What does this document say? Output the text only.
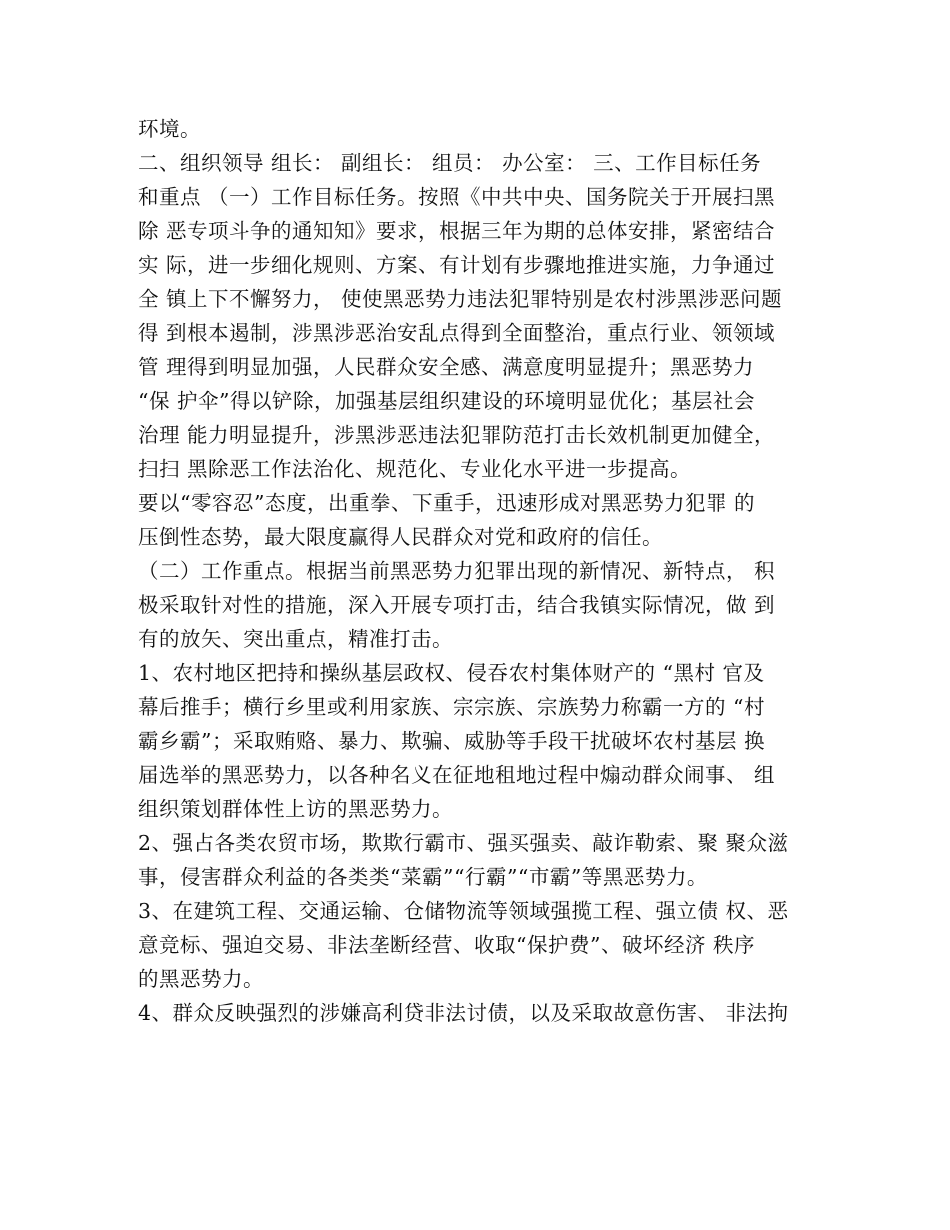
环境。
二、组织领导 组长： 副组长： 组员： 办公室： 三、工作目标任务
和重点 （一）工作目标任务。按照《中共中央、国务院关于开展扫黑
除 恶专项斗争的通知知》要求，根据三年为期的总体安排，紧密结合
实 际，进一步细化规则、方案、有计划有步骤地推进实施，力争通过
全 镇上下不懈努力， 使使黑恶势力违法犯罪特别是农村涉黑涉恶问题
得 到根本遏制，涉黑涉恶治安乱点得到全面整治，重点行业、领领域
管 理得到明显加强，人民群众安全感、满意度明显提升；黑恶势力
“保 护伞”得以铲除，加强基层组织建设的环境明显优化；基层社会
治理 能力明显提升，涉黑涉恶违法犯罪防范打击长效机制更加健全，
扫扫 黑除恶工作法治化、规范化、专业化水平进一步提高。
要以“零容忍”态度，出重拳、下重手，迅速形成对黑恶势力犯罪 的
压倒性态势，最大限度赢得人民群众对党和政府的信任。
（二）工作重点。根据当前黑恶势力犯罪出现的新情况、新特点， 积
极采取针对性的措施，深入开展专项打击，结合我镇实际情况，做 到
有的放矢、突出重点，精准打击。
1、农村地区把持和操纵基层政权、侵吞农村集体财产的 “黑村 官及
幕后推手；横行乡里或利用家族、宗宗族、宗族势力称霸一方的 “村
霸乡霸”；采取贿赂、暴力、欺骗、威胁等手段干扰破坏农村基层 换
届选举的黑恶势力，以各种名义在征地租地过程中煽动群众闹事、 组
组织策划群体性上访的黑恶势力。
2、强占各类农贸市场，欺欺行霸市、强买强卖、敲诈勒索、聚 聚众滋
事，侵害群众利益的各类类“菜霸”“行霸”“市霸”等黑恶势力。
3、在建筑工程、交通运输、仓储物流等领域强揽工程、强立债 权、恶
意竞标、强迫交易、非法垄断经营、收取“保护费”、破坏经济 秩序
的黑恶势力。
4、群众反映强烈的涉嫌高利贷非法讨债，以及采取故意伤害、 非法拘
